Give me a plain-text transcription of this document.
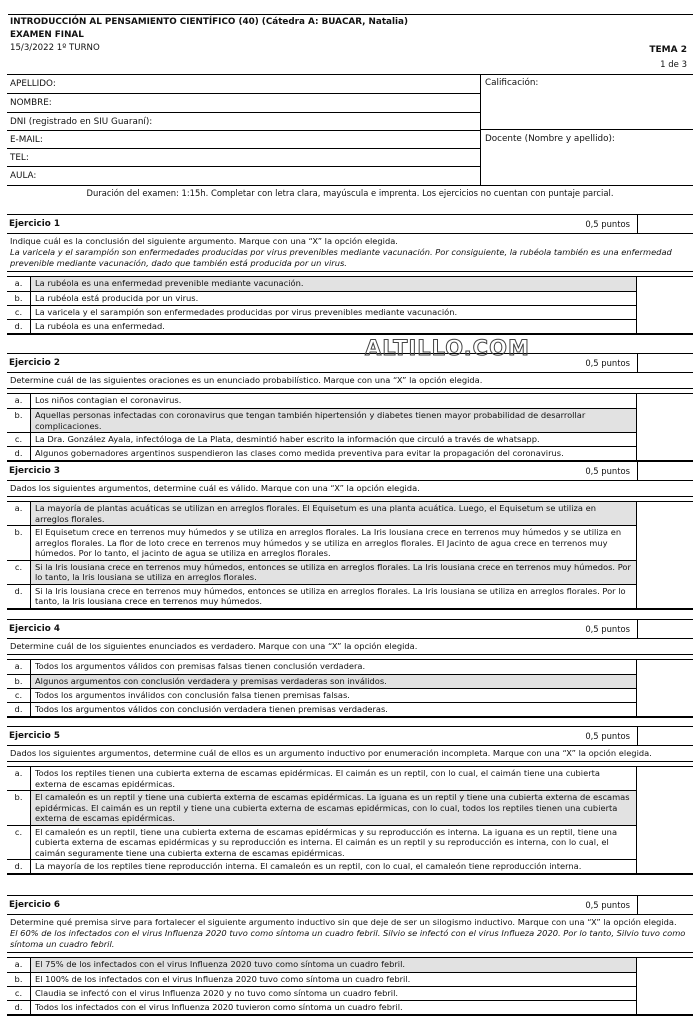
INTRODUCCIÓN AL PENSAMIENTO CIENTÍFICO (40) (Cátedra A: BUACAR, Natalia)
EXAMEN FINAL
15/3/2022 1º TURNO	TEMA 2
1 de 3
APELLIDO:
NOMBRE:
DNI (registrado en SIU Guaraní):
E-MAIL:
TEL:
AULA:
Calificación:
Docente (Nombre y apellido):
Duración del examen: 1:15h. Completar con letra clara, mayúscula e imprenta. Los ejercicios no cuentan con puntaje parcial.
Ejercicio 1	0,5 puntos
Indique cuál es la conclusión del siguiente argumento. Marque con una “X” la opción elegida.
La varicela y el sarampión son enfermedades producidas por virus prevenibles mediante vacunación. Por consiguiente, la rubéola también es una enfermedad prevenible mediante vacunación, dado que también está producida por un virus.
a.	La rubéola es una enfermedad prevenible mediante vacunación.
b.	La rubéola está producida por un virus.
c.	La varicela y el sarampión son enfermedades producidas por virus prevenibles mediante vacunación.
d.	La rubéola es una enfermedad.
Ejercicio 2	0,5 puntos
Determine cuál de las siguientes oraciones es un enunciado probabilístico. Marque con una “X” la opción elegida.
a.	Los niños contagian el coronavirus.
b.	Aquellas personas infectadas con coronavirus que tengan también hipertensión y diabetes tienen mayor probabilidad de desarrollar complicaciones.
c.	La Dra. González Ayala, infectóloga de La Plata, desmintió haber escrito la información que circuló a través de whatsapp.
d.	Algunos gobernadores argentinos suspendieron las clases como medida preventiva para evitar la propagación del coronavirus.
Ejercicio 3	0,5 puntos
Dados los siguientes argumentos, determine cuál es válido. Marque con una “X” la opción elegida.
a.	La mayoría de plantas acuáticas se utilizan en arreglos florales. El Equisetum es una planta acuática. Luego, el Equisetum se utiliza en arreglos florales.
b.	El Equisetum crece en terrenos muy húmedos y se utiliza en arreglos florales. La Iris lousiana crece en terrenos muy húmedos y se utiliza en arreglos florales. La flor de loto crece en terrenos muy húmedos y se utiliza en arreglos florales. El Jacinto de agua crece en terrenos muy húmedos. Por lo tanto, el jacinto de agua se utiliza en arreglos florales.
c.	Si la Iris lousiana crece en terrenos muy húmedos, entonces se utiliza en arreglos florales. La Iris lousiana crece en terrenos muy húmedos. Por lo tanto, la Iris lousiana se utiliza en arreglos florales.
d.	Si la Iris lousiana crece en terrenos muy húmedos, entonces se utiliza en arreglos florales. La Iris lousiana se utiliza en arreglos florales. Por lo tanto, la Iris lousiana crece en terrenos muy húmedos.
Ejercicio 4	0,5 puntos
Determine cuál de los siguientes enunciados es verdadero. Marque con una “X” la opción elegida.
a.	Todos los argumentos válidos con premisas falsas tienen conclusión verdadera.
b.	Algunos argumentos con conclusión verdadera y premisas verdaderas son inválidos.
c.	Todos los argumentos inválidos con conclusión falsa tienen premisas falsas.
d.	Todos los argumentos válidos con conclusión verdadera tienen premisas verdaderas.
Ejercicio 5	0,5 puntos
Dados los siguientes argumentos, determine cuál de ellos es un argumento inductivo por enumeración incompleta. Marque con una “X” la opción elegida.
a.	Todos los reptiles tienen una cubierta externa de escamas epidérmicas. El caimán es un reptil, con lo cual, el caimán tiene una cubierta externa de escamas epidérmicas.
b.	El camaleón es un reptil y tiene una cubierta externa de escamas epidérmicas. La iguana es un reptil y tiene una cubierta externa de escamas epidérmicas. El caimán es un reptil y tiene una cubierta externa de escamas epidérmicas, con lo cual, todos los reptiles tienen una cubierta externa de escamas epidérmicas.
c.	El camaleón es un reptil, tiene una cubierta externa de escamas epidérmicas y su reproducción es interna. La iguana es un reptil, tiene una cubierta externa de escamas epidérmicas y su reproducción es interna. El caimán es un reptil y su reproducción es interna, con lo cual, el caimán seguramente tiene una cubierta externa de escamas epidérmicas.
d.	La mayoría de los reptiles tiene reproducción interna. El camaleón es un reptil, con lo cual, el camaleón tiene reproducción interna.
Ejercicio 6	0,5 puntos
Determine qué premisa sirve para fortalecer el siguiente argumento inductivo sin que deje de ser un silogismo inductivo. Marque con una “X” la opción elegida.
El 60% de los infectados con el virus Influenza 2020 tuvo como síntoma un cuadro febril. Silvio se infectó con el virus Influeza 2020. Por lo tanto, Silvio tuvo como síntoma un cuadro febril.
a.	El 75% de los infectados con el virus Influenza 2020 tuvo como síntoma un cuadro febril.
b.	El 100% de los infectados con el virus Influenza 2020 tuvo como síntoma un cuadro febril.
c.	Claudia se infectó con el virus Influenza 2020 y no tuvo como síntoma un cuadro febril.
d.	Todos los infectados con el virus Influenza 2020 tuvieron como síntoma un cuadro febril.
ALTILLO.COM
